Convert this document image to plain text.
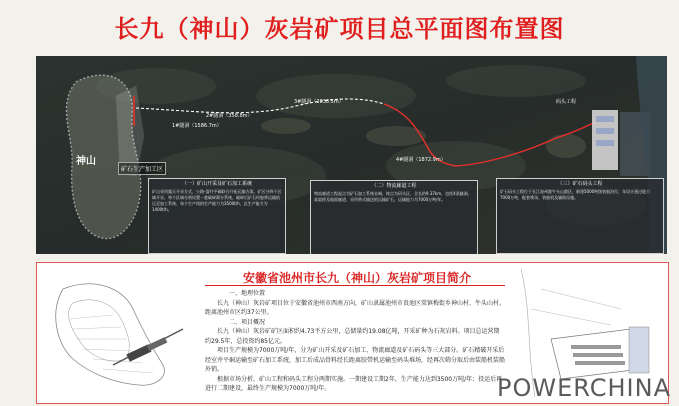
长九（神山）灰岩矿项目总平面图布置图
神山
矿石生产加工区
码头工程
1#隧洞（1586.7m）
2#隧洞（358.8m）
3#隧洞（2838.5m）
4#隧洞（1872.9m）
（一）矿山开采及矿石加工系统
矿山采用露天开采方式，公路-溜井平硐联合开拓运输方案。矿区分四个区域开采，每个区域分别设置一套破碎筛分系统，破碎后矿石经胶带运输机运至加工系统，每个生产线的生产能力为3500t/h，总生产能力为1400t/h。
（二）物流廊道工程
物流廊道工程起点为矿石加工系统末端，终点为码头区，全长约9.37km，包括4条隧洞、高架桥及地面廊道，采用带式输送机运输矿石，运输能力为7000万吨/年。
（三）矿石码头工程
矿石码头工程位于长江池州港牛头山港区，新建5000吨级装船泊位，年设计通过能力7000万吨，配套堆场、装船机及辅助设施。
安徽省池州市长九（神山）灰岩矿项目简介

一、地理位置

长九（神山）灰岩矿项目位于安徽省池州市西南方向，矿山隶属池州市贵池区棠镇梅街乡神山村、牛头山村。距离池州市区约37公里。

二、项目概况

长九（神山）灰岩矿矿区面积约4.73平方公里，总储量约19.08亿吨，开采矿种为石灰岩料。项目总运营期约29.5年，总投资约85亿元。

项目生产规模为7000万吨/年，分为矿山开采及矿石加工、物流廊道及矿石码头等三大部分。矿石精破开采后经室井平硐运输至矿石加工系统，加工后成品骨料经长距离胶带机运输至码头堆场，经再次筛分取后由装船机装船外销。

根据市场分析，矿山工程和码头工程分两期实施。一期建设工期2年，生产能力达到3500万吨/年；投运后再进行二期建设，最终生产规模为7000万吨/年。	POWERCHINA
